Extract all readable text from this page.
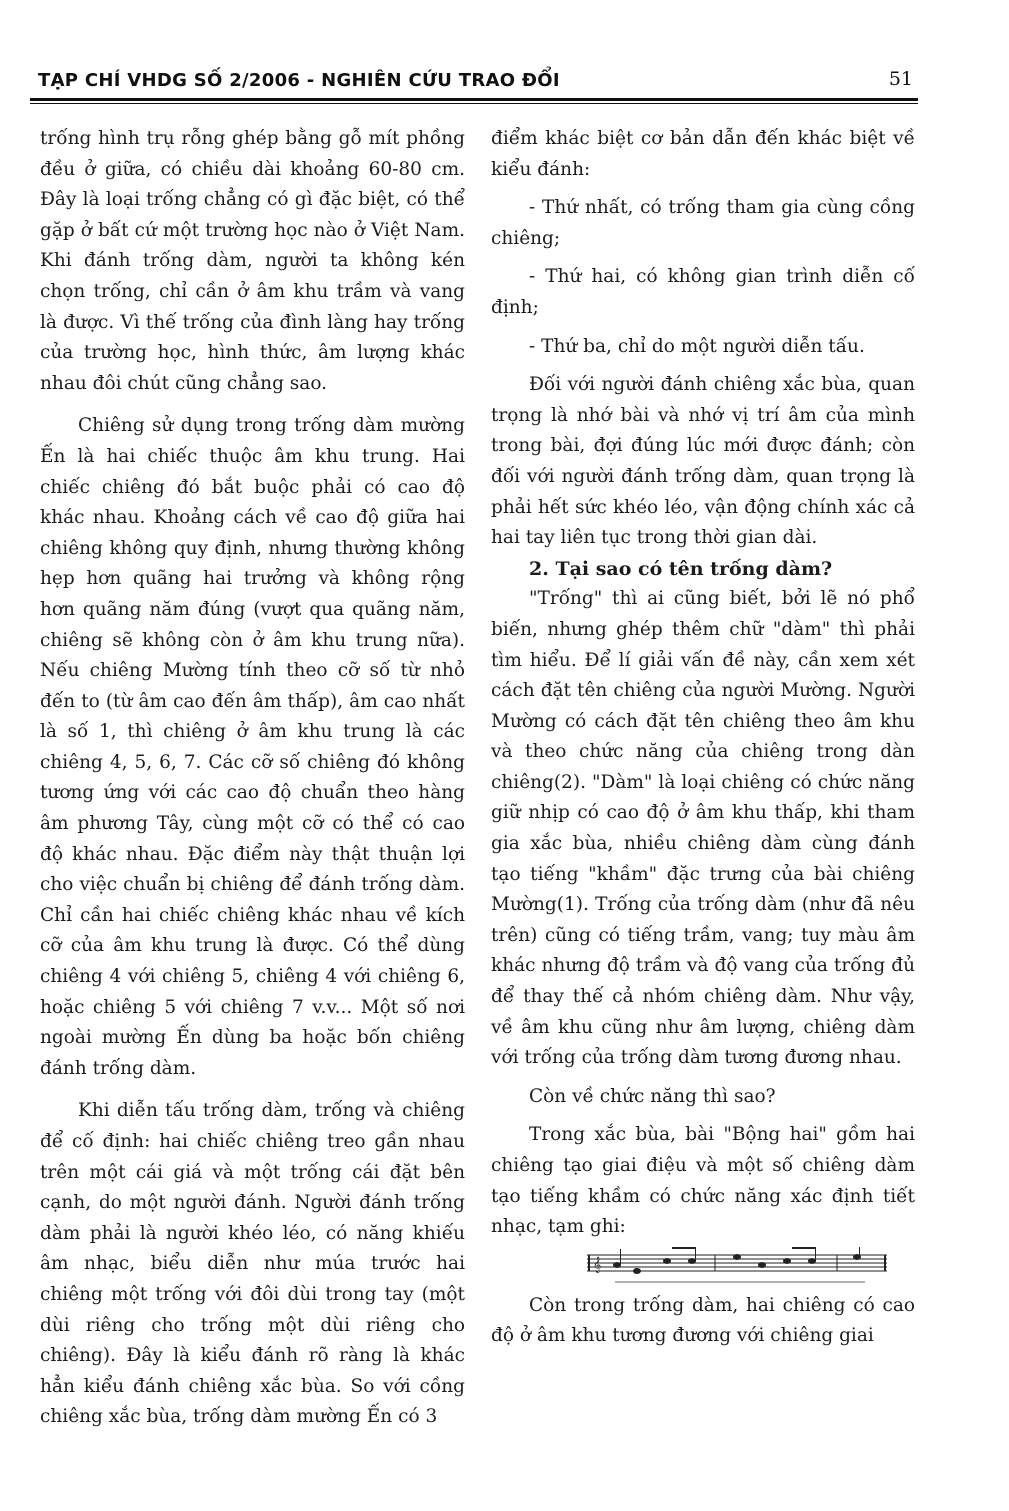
TẠP CHÍ VHDG SỐ 2/2006 - NGHIÊN CỨU TRAO ĐỔI	51

trống hình trụ rỗng ghép bằng gỗ mít phồng đều ở giữa, có chiều dài khoảng 60-80 cm. Đây là loại trống chẳng có gì đặc biệt, có thể gặp ở bất cứ một trường học nào ở Việt Nam. Khi đánh trống dàm, người ta không kén chọn trống, chỉ cần ở âm khu trầm và vang là được. Vì thế trống của đình làng hay trống của trường học, hình thức, âm lượng khác nhau đôi chút cũng chẳng sao.

Chiêng sử dụng trong trống dàm mường Ến là hai chiếc thuộc âm khu trung. Hai chiếc chiêng đó bắt buộc phải có cao độ khác nhau. Khoảng cách về cao độ giữa hai chiêng không quy định, nhưng thường không hẹp hơn quãng hai trưởng và không rộng hơn quãng năm đúng (vượt qua quãng năm, chiêng sẽ không còn ở âm khu trung nữa). Nếu chiêng Mường tính theo cỡ số từ nhỏ đến to (từ âm cao đến âm thấp), âm cao nhất là số 1, thì chiêng ở âm khu trung là các chiêng 4, 5, 6, 7. Các cỡ số chiêng đó không tương ứng với các cao độ chuẩn theo hàng âm phương Tây, cùng một cỡ có thể có cao độ khác nhau. Đặc điểm này thật thuận lợi cho việc chuẩn bị chiêng để đánh trống dàm. Chỉ cần hai chiếc chiêng khác nhau về kích cỡ của âm khu trung là được. Có thể dùng chiêng 4 với chiêng 5, chiêng 4 với chiêng 6, hoặc chiêng 5 với chiêng 7 v.v... Một số nơi ngoài mường Ến dùng ba hoặc bốn chiêng đánh trống dàm.

Khi diễn tấu trống dàm, trống và chiêng để cố định: hai chiếc chiêng treo gần nhau trên một cái giá và một trống cái đặt bên cạnh, do một người đánh. Người đánh trống dàm phải là người khéo léo, có năng khiếu âm nhạc, biểu diễn như múa trước hai chiêng một trống với đôi dùi trong tay (một dùi riêng cho trống một dùi riêng cho chiêng). Đây là kiểu đánh rõ ràng là khác hẳn kiểu đánh chiêng xắc bùa. So với cồng chiêng xắc bùa, trống dàm mường Ến có 3

điểm khác biệt cơ bản dẫn đến khác biệt về kiểu đánh:

- Thứ nhất, có trống tham gia cùng cồng chiêng;

- Thứ hai, có không gian trình diễn cố định;

- Thứ ba, chỉ do một người diễn tấu.

Đối với người đánh chiêng xắc bùa, quan trọng là nhớ bài và nhớ vị trí âm của mình trong bài, đợi đúng lúc mới được đánh; còn đối với người đánh trống dàm, quan trọng là phải hết sức khéo léo, vận động chính xác cả hai tay liên tục trong thời gian dài.

2. Tại sao có tên trống dàm?

"Trống" thì ai cũng biết, bởi lẽ nó phổ biến, nhưng ghép thêm chữ "dàm" thì phải tìm hiểu. Để lí giải vấn đề này, cần xem xét cách đặt tên chiêng của người Mường. Người Mường có cách đặt tên chiêng theo âm khu và theo chức năng của chiêng trong dàn chiêng(2). "Dàm" là loại chiêng có chức năng giữ nhịp có cao độ ở âm khu thấp, khi tham gia xắc bùa, nhiều chiêng dàm cùng đánh tạo tiếng "khầm" đặc trưng của bài chiêng Mường(1). Trống của trống dàm (như đã nêu trên) cũng có tiếng trầm, vang; tuy màu âm khác nhưng độ trầm và độ vang của trống đủ để thay thế cả nhóm chiêng dàm. Như vậy, về âm khu cũng như âm lượng, chiêng dàm với trống của trống dàm tương đương nhau.

Còn về chức năng thì sao?

Trong xắc bùa, bài "Bộng hai" gồm hai chiêng tạo giai điệu và một số chiêng dàm tạo tiếng khầm có chức năng xác định tiết nhạc, tạm ghi:

𝄞

Còn trong trống dàm, hai chiêng có cao độ ở âm khu tương đương với chiêng giai
